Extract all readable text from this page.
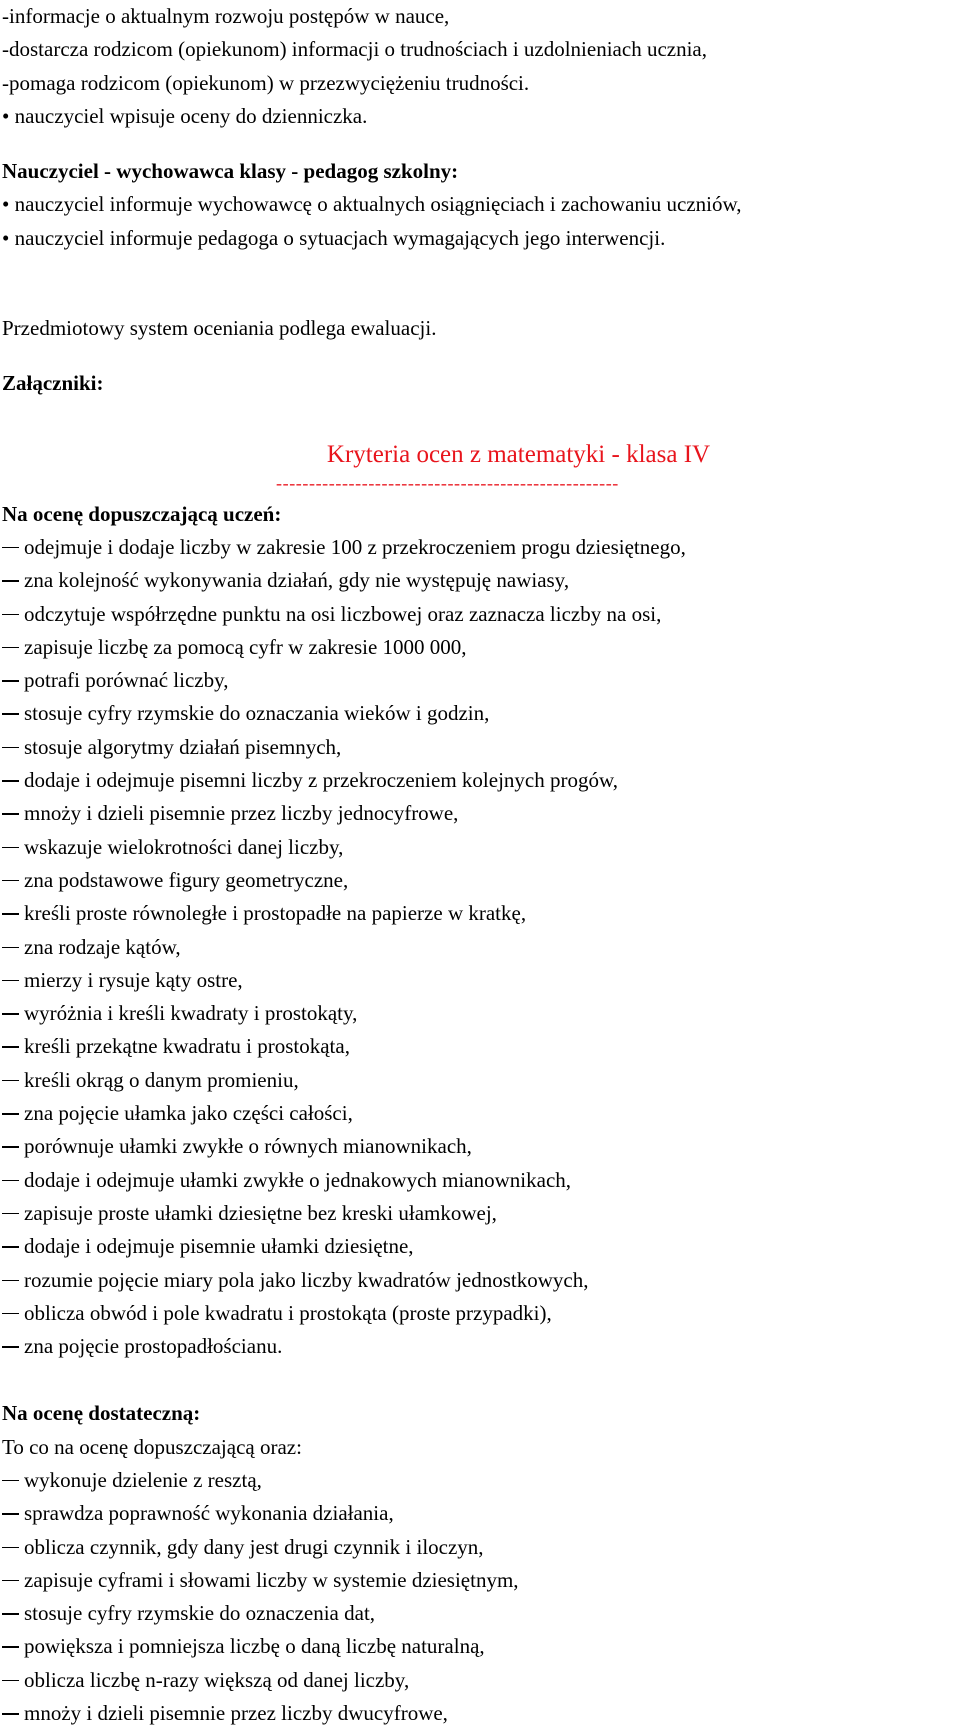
-informacje o aktualnym rozwoju postępów w nauce,

-dostarcza rodzicom (opiekunom) informacji o trudnościach i uzdolnieniach ucznia,

-pomaga rodzicom (opiekunom) w przezwyciężeniu trudności.

• nauczyciel wpisuje oceny do dzienniczka.

Nauczyciel - wychowawca klasy - pedagog szkolny:

• nauczyciel informuje wychowawcę o aktualnych osiągnięciach i zachowaniu uczniów,

• nauczyciel informuje pedagoga o sytuacjach wymagających jego interwencji.

Przedmiotowy system oceniania podlega ewaluacji.

Załączniki:

Kryteria ocen z matematyki - klasa IV
----------------------------------------------------

Na ocenę dopuszczającą uczeń:

odejmuje i dodaje liczby w zakresie 100 z przekroczeniem progu dziesiętnego,

zna kolejność wykonywania działań, gdy nie występuję nawiasy,

odczytuje współrzędne punktu na osi liczbowej oraz zaznacza liczby na osi,

zapisuje liczbę za pomocą cyfr w zakresie 1000 000,

potrafi porównać liczby,

stosuje cyfry rzymskie do oznaczania wieków i godzin,

stosuje algorytmy działań pisemnych,

dodaje i odejmuje pisemni liczby z przekroczeniem kolejnych progów,

mnoży i dzieli pisemnie przez liczby jednocyfrowe,

wskazuje wielokrotności danej liczby,

zna podstawowe figury geometryczne,

kreśli proste równoległe i prostopadłe na papierze w kratkę,

zna rodzaje kątów,

mierzy i rysuje kąty ostre,

wyróżnia i kreśli kwadraty i prostokąty,

kreśli przekątne kwadratu i prostokąta,

kreśli okrąg o danym promieniu,

zna pojęcie ułamka jako części całości,

porównuje ułamki zwykłe o równych mianownikach,

dodaje i odejmuje ułamki zwykłe o jednakowych mianownikach,

zapisuje proste ułamki dziesiętne bez kreski ułamkowej,

dodaje i odejmuje pisemnie ułamki dziesiętne,

rozumie pojęcie miary pola jako liczby kwadratów jednostkowych,

oblicza obwód i pole kwadratu i prostokąta (proste przypadki),

zna pojęcie prostopadłościanu.

Na ocenę dostateczną:

To co na ocenę dopuszczającą oraz:

wykonuje dzielenie z resztą,

sprawdza poprawność wykonania działania,

oblicza czynnik, gdy dany jest drugi czynnik i iloczyn,

zapisuje cyframi i słowami liczby w systemie dziesiętnym,

stosuje cyfry rzymskie do oznaczenia dat,

powiększa i pomniejsza liczbę o daną liczbę naturalną,

oblicza liczbę n-razy większą od danej liczby,

mnoży i dzieli pisemnie przez liczby dwucyfrowe,
